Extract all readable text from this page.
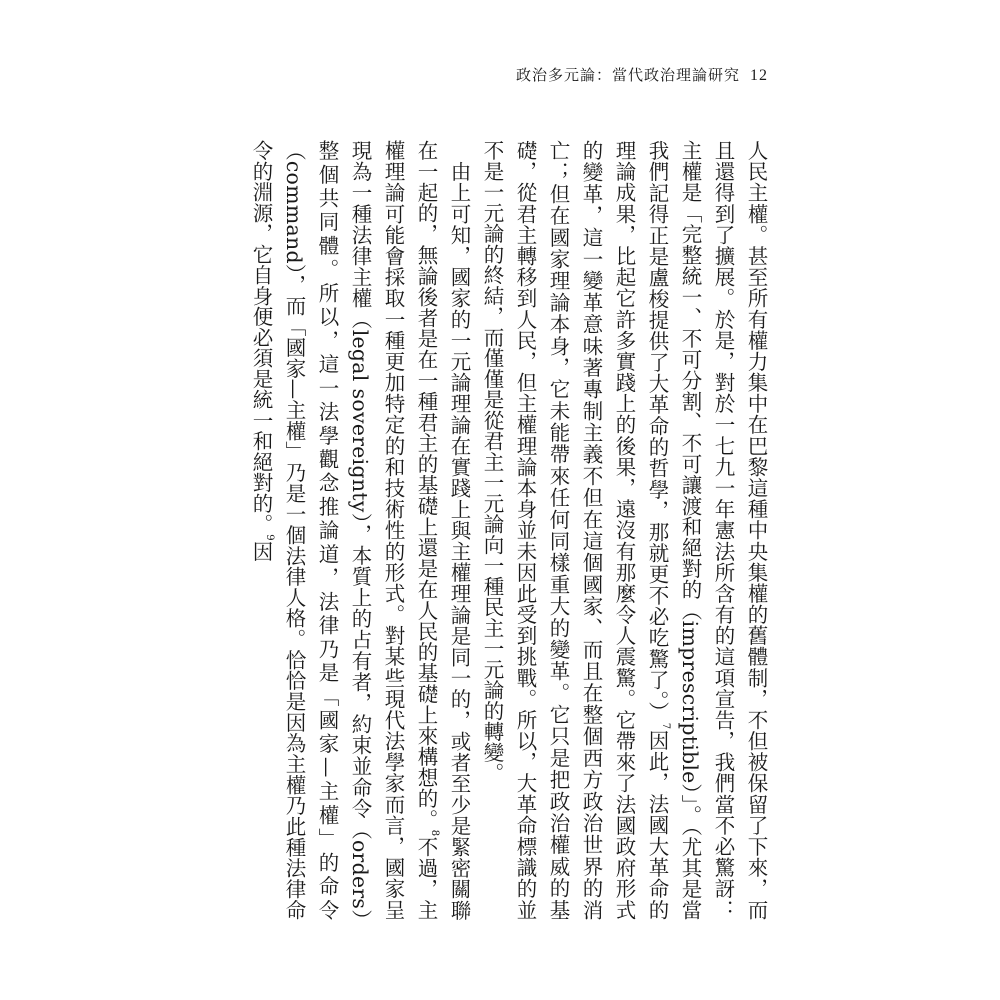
政治多元論：當代政治理論研究 12

人民主權。甚至所有權力集中在巴黎這種中央集權的舊體制，不但被保留了下來，而且還得到了擴展。於是，對於一七九一年憲法所含有的這項宣告，我們當不必驚訝：主權是「完整統一、不可分割、不可讓渡和絕對的（imprescriptible）」。（尤其是當我們記得正是盧梭提供了大革命的哲學，那就更不必吃驚了。）$^7$因此，法國大革命的理論成果，比起它許多實踐上的後果，遠沒有那麼令人震驚。它帶來了法國政府形式的變革，這一變革意味著專制主義不但在這個國家、而且在整個西方政治世界的消亡；但在國家理論本身，它未能帶來任何同樣重大的變革。它只是把政治權威的基礎，從君主轉移到人民，但主權理論本身並未因此受到挑戰。所以，大革命標識的並不是一元論的終結，而僅僅是從君主一元論向一種民主一元論的轉變。

由上可知，國家的一元論理論在實踐上與主權理論是同一的，或者至少是緊密關聯在一起的，無論後者是在一種君主的基礎上還是在人民的基礎上來構想的。$^8$不過，主權理論可能會採取一種更加特定的和技術性的形式。對某些現代法學家而言，國家呈現為一種法律主權（legal sovereignty），本質上的占有者，約束並命令（orders）整個共同體。所以，這一法學觀念推論道，法律乃是「國家—主權」的命令（command），而「國家—主權」乃是一個法律人格。恰恰是因為主權乃此種法律命令的淵源，它自身便必須是統一和絕對的。$^9$因
